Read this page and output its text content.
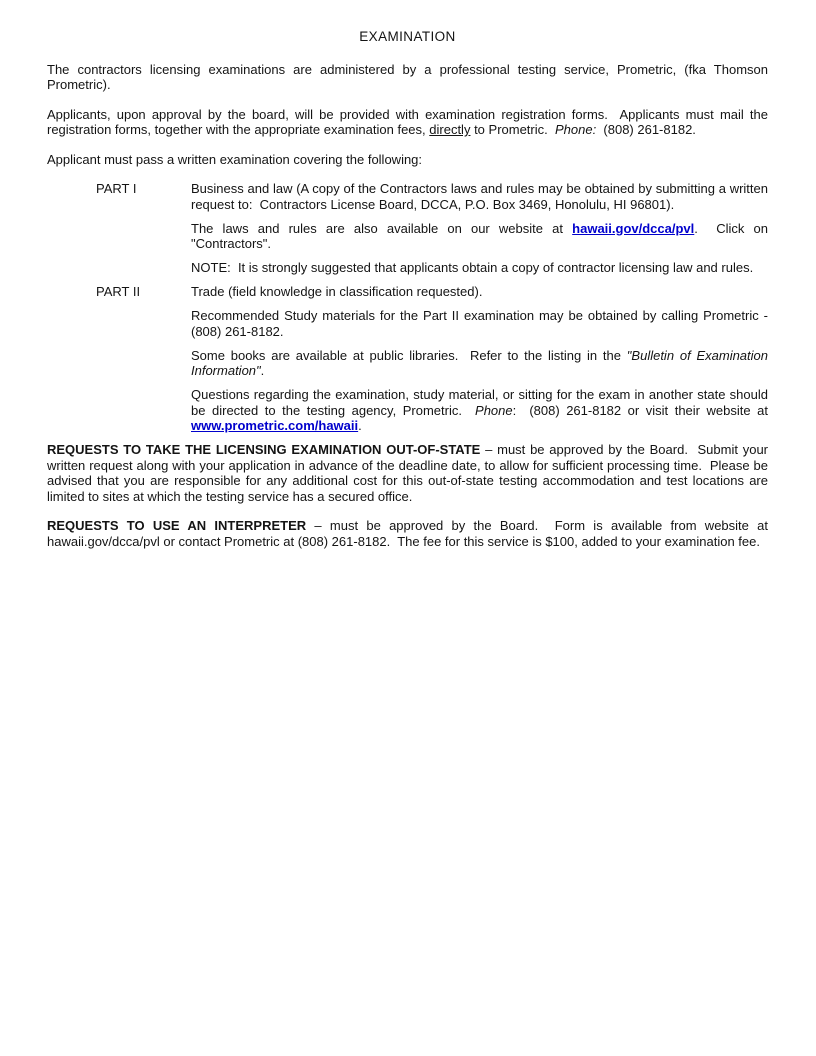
EXAMINATION

The contractors licensing examinations are administered by a professional testing service, Prometric, (fka Thomson Prometric).

Applicants, upon approval by the board, will be provided with examination registration forms.  Applicants must mail the registration forms, together with the appropriate examination fees, directly to Prometric.  Phone:  (808) 261-8182.

Applicant must pass a written examination covering the following:

PART I	Business and law (A copy of the Contractors laws and rules may be obtained by submitting a written request to:  Contractors License Board, DCCA, P.O. Box 3469, Honolulu, HI 96801).

The laws and rules are also available on our website at hawaii.gov/dcca/pvl.  Click on "Contractors".

NOTE:  It is strongly suggested that applicants obtain a copy of contractor licensing law and rules.

PART II	Trade (field knowledge in classification requested).

Recommended Study materials for the Part II examination may be obtained by calling Prometric - (808) 261-8182.

Some books are available at public libraries.  Refer to the listing in the "Bulletin of Examination Information".

Questions regarding the examination, study material, or sitting for the exam in another state should be directed to the testing agency, Prometric.  Phone:  (808) 261-8182 or visit their website at www.prometric.com/hawaii.

REQUESTS TO TAKE THE LICENSING EXAMINATION OUT-OF-STATE – must be approved by the Board.  Submit your written request along with your application in advance of the deadline date, to allow for sufficient processing time.  Please be advised that you are responsible for any additional cost for this out-of-state testing accommodation and test locations are limited to sites at which the testing service has a secured office.

REQUESTS TO USE AN INTERPRETER – must be approved by the Board.  Form is available from website at hawaii.gov/dcca/pvl or contact Prometric at (808) 261-8182.  The fee for this service is $100, added to your examination fee.
